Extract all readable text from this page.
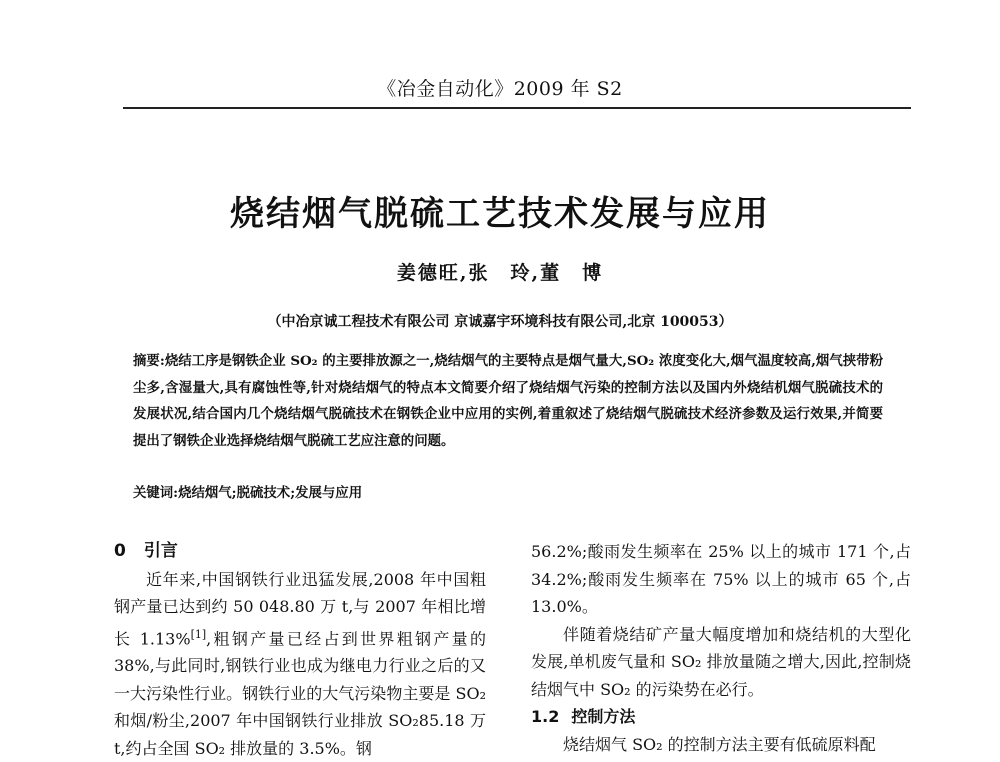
《冶金自动化》2009 年 S2
烧结烟气脱硫工艺技术发展与应用
姜德旺,张　玲,董　博
（中冶京诚工程技术有限公司 京诚嘉宇环境科技有限公司,北京 100053）
摘要:烧结工序是钢铁企业 SO₂ 的主要排放源之一,烧结烟气的主要特点是烟气量大,SO₂ 浓度变化大,烟气温度较高,烟气挟带粉尘多,含湿量大,具有腐蚀性等,针对烧结烟气的特点本文简要介绍了烧结烟气污染的控制方法以及国内外烧结机烟气脱硫技术的发展状况,结合国内几个烧结烟气脱硫技术在钢铁企业中应用的实例,着重叙述了烧结烟气脱硫技术经济参数及运行效果,并简要提出了钢铁企业选择烧结烟气脱硫工艺应注意的问题。
关键词:烧结烟气;脱硫技术;发展与应用
0 引言

近年来,中国钢铁行业迅猛发展,2008 年中国粗钢产量已达到约 50 048.80 万 t,与 2007 年相比增长 1.13%[1],粗钢产量已经占到世界粗钢产量的38%,与此同时,钢铁行业也成为继电力行业之后的又一大污染性行业。钢铁行业的大气污染物主要是 SO₂ 和烟/粉尘,2007 年中国钢铁行业排放 SO₂85.18 万 t,约占全国 SO₂ 排放量的 3.5%。钢

56.2%;酸雨发生频率在 25% 以上的城市 171 个,占 34.2%;酸雨发生频率在 75% 以上的城市 65 个,占 13.0%。

伴随着烧结矿产量大幅度增加和烧结机的大型化发展,单机废气量和 SO₂ 排放量随之增大,因此,控制烧结烟气中 SO₂ 的污染势在必行。

1.2 控制方法

烧结烟气 SO₂ 的控制方法主要有低硫原料配
